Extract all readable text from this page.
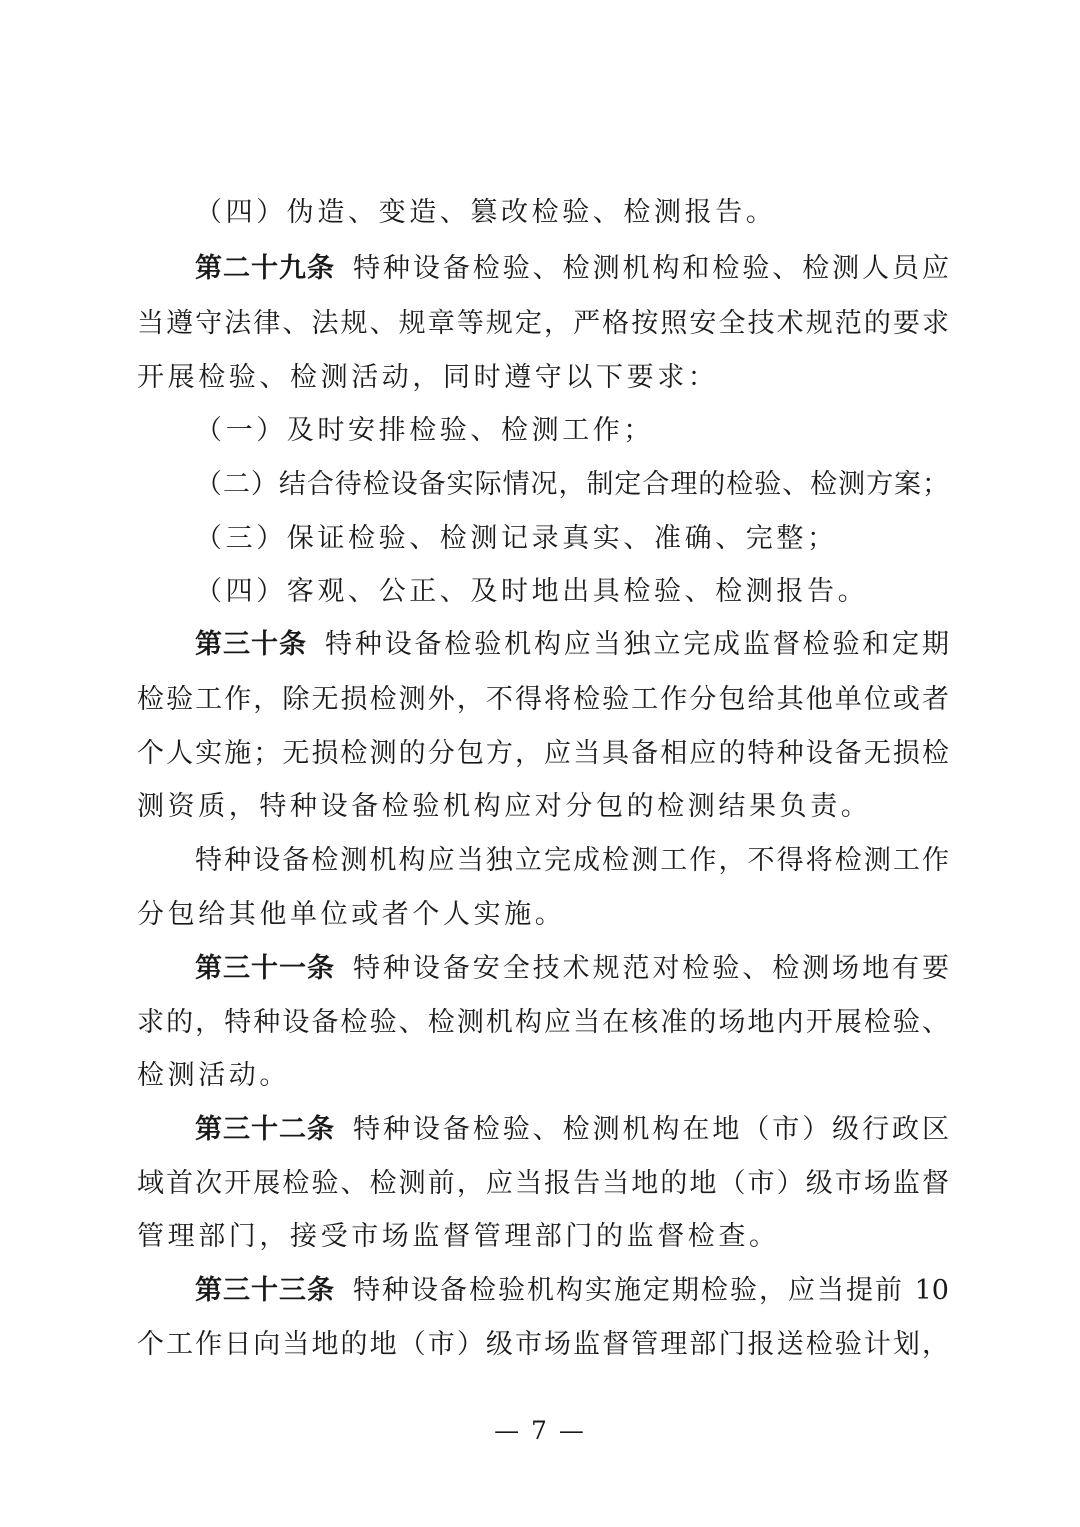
（四）伪造、变造、篡改检验、检测报告。
第二十九条 特种设备检验、检测机构和检验、检测人员应
当遵守法律、法规、规章等规定，严格按照安全技术规范的要求
开展检验、检测活动，同时遵守以下要求：
（一）及时安排检验、检测工作；
（二）结合待检设备实际情况，制定合理的检验、检测方案；
（三）保证检验、检测记录真实、准确、完整；
（四）客观、公正、及时地出具检验、检测报告。
第三十条 特种设备检验机构应当独立完成监督检验和定期
检验工作，除无损检测外，不得将检验工作分包给其他单位或者
个人实施；无损检测的分包方，应当具备相应的特种设备无损检
测资质，特种设备检验机构应对分包的检测结果负责。
特种设备检测机构应当独立完成检测工作，不得将检测工作
分包给其他单位或者个人实施。
第三十一条 特种设备安全技术规范对检验、检测场地有要
求的，特种设备检验、检测机构应当在核准的场地内开展检验、
检测活动。
第三十二条 特种设备检验、检测机构在地（市）级行政区
域首次开展检验、检测前，应当报告当地的地（市）级市场监督
管理部门，接受市场监督管理部门的监督检查。
第三十三条 特种设备检验机构实施定期检验，应当提前 10
个工作日向当地的地（市）级市场监督管理部门报送检验计划，
— 7 —
